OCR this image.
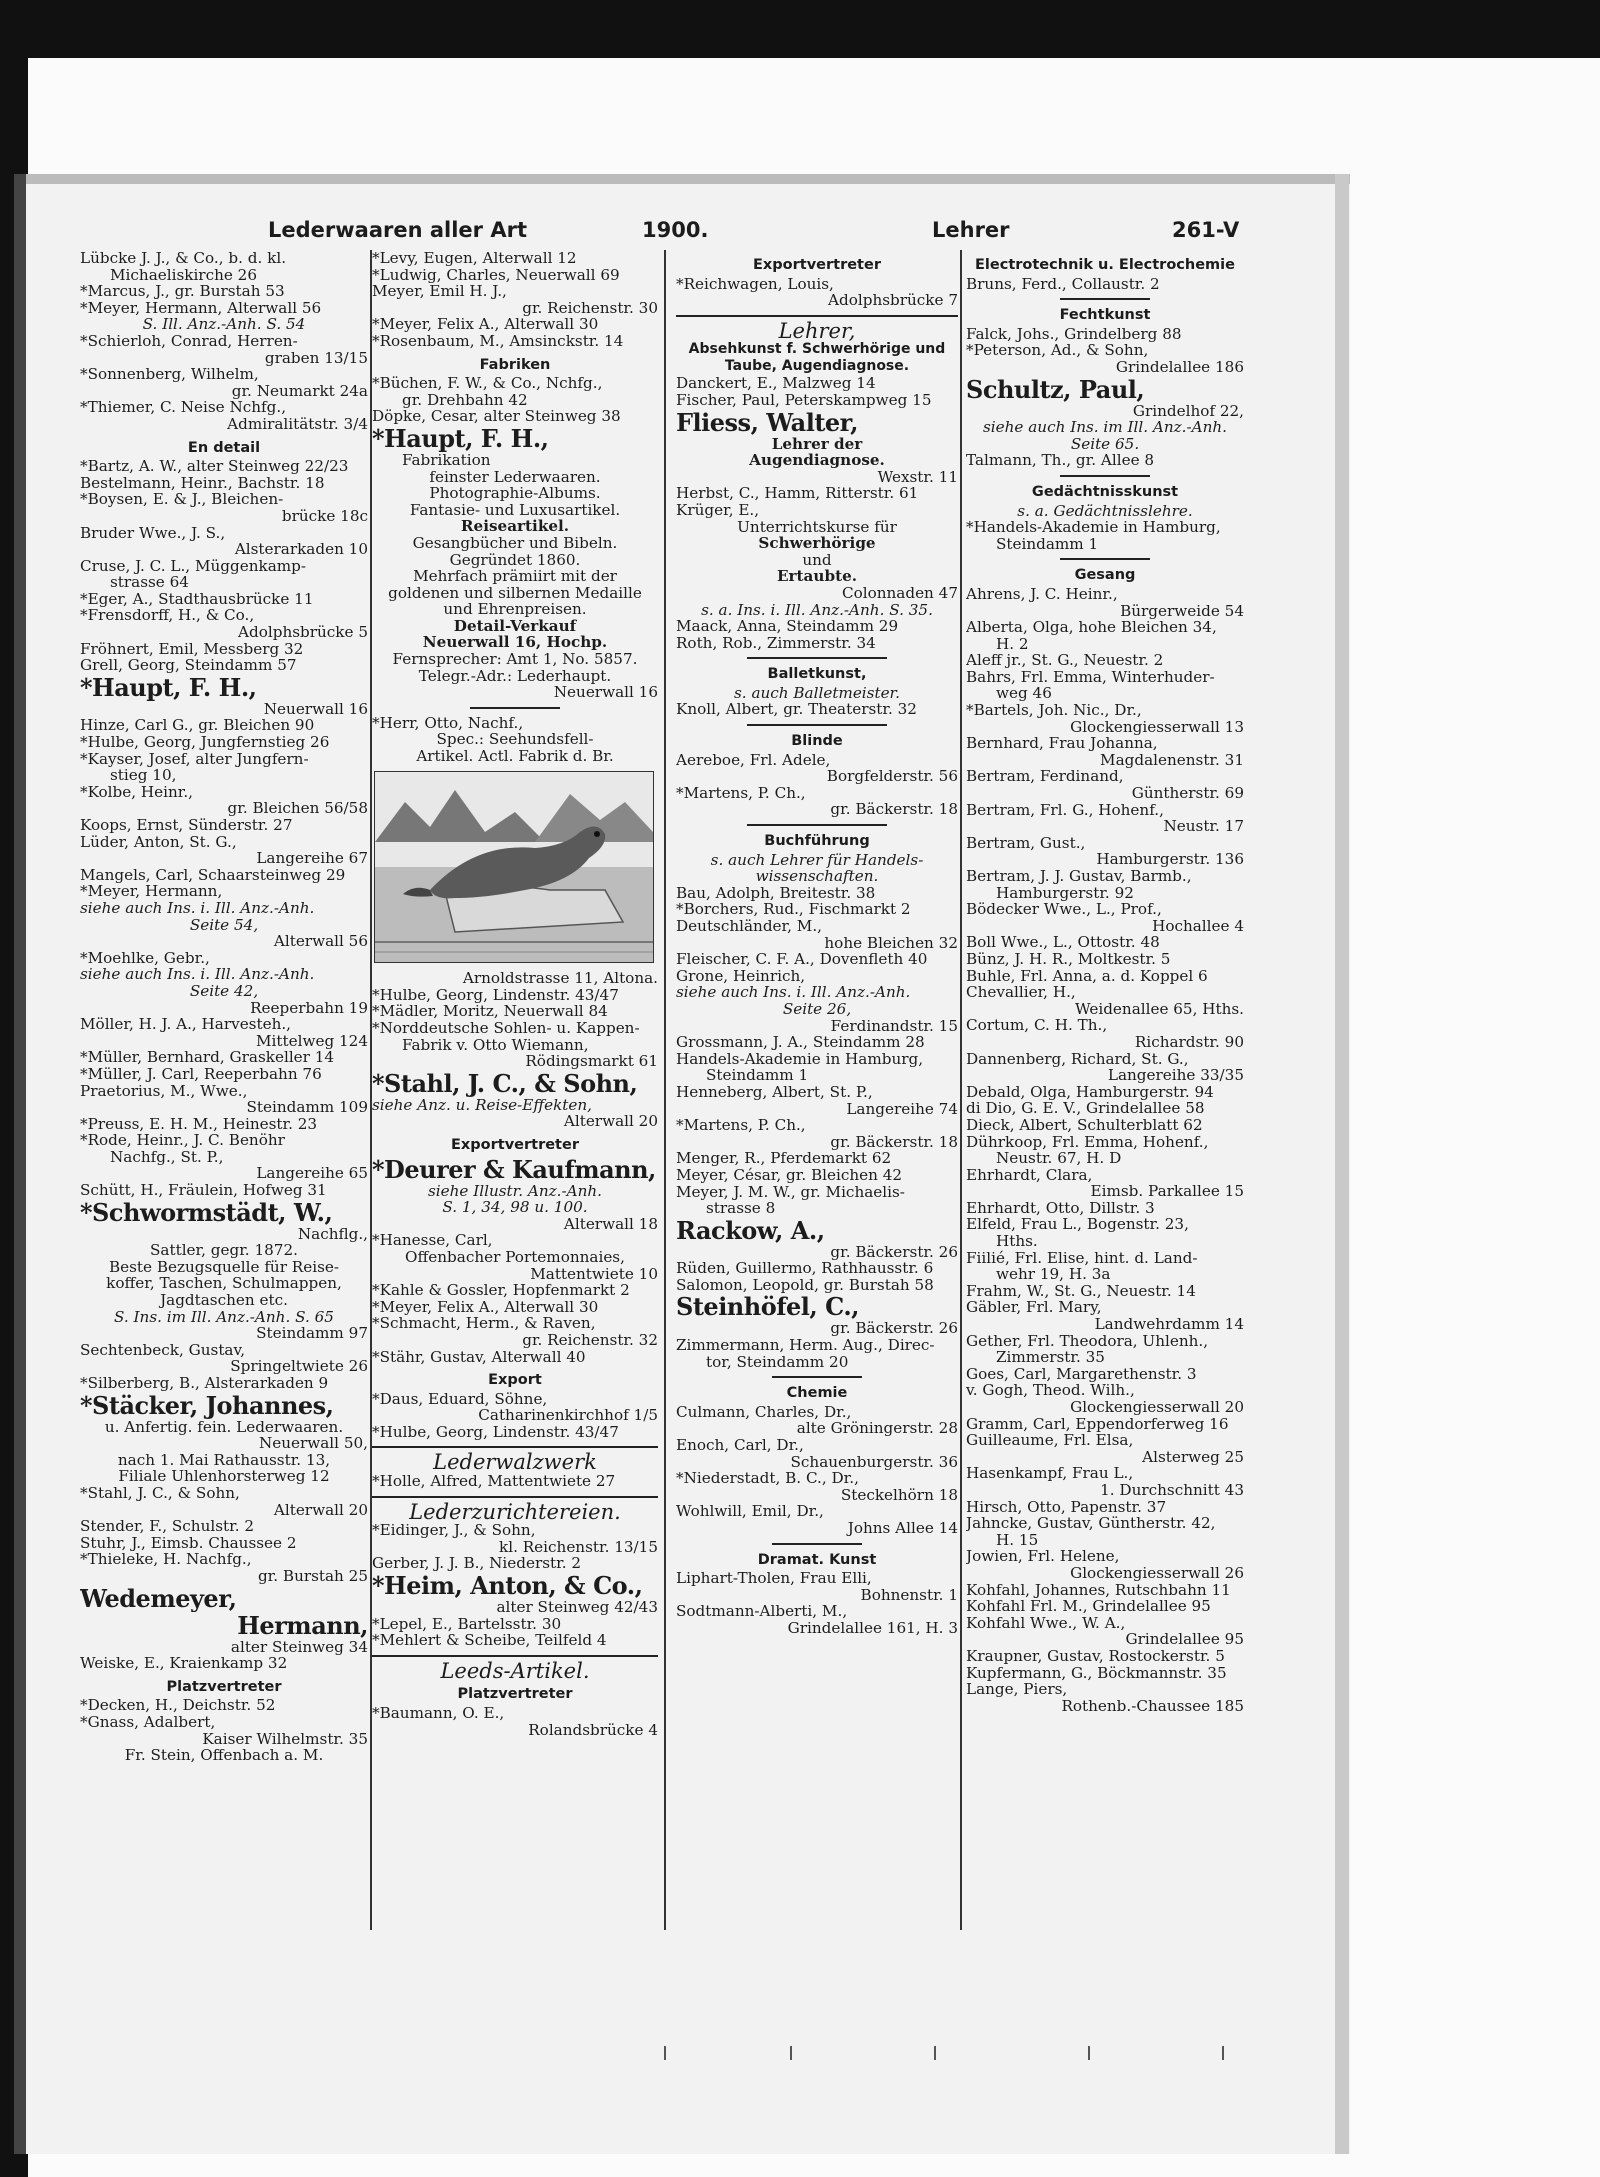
Lederwaaren aller Art	1900.	Lehrer	261-V
Lübcke J. J., & Co., b. d. kl.
Michaeliskirche 26
*Marcus, J., gr. Burstah 53
*Meyer, Hermann, Alterwall 56
S. Ill. Anz.-Anh. S. 54
*Schierloh, Conrad, Herren-
graben 13/15
*Sonnenberg, Wilhelm,
gr. Neumarkt 24a
*Thiemer, C. Neise Nchfg.,
Admiralitätstr. 3/4
En detail
*Bartz, A. W., alter Steinweg 22/23
Bestelmann, Heinr., Bachstr. 18
*Boysen, E. & J., Bleichen-
brücke 18c
Bruder Wwe., J. S.,
Alsterarkaden 10
Cruse, J. C. L., Müggenkamp-
strasse 64
*Eger, A., Stadthausbrücke 11
*Frensdorff, H., & Co.,
Adolphsbrücke 5
Fröhnert, Emil, Messberg 32
Grell, Georg, Steindamm 57
*Haupt, F. H.,
Neuerwall 16
Hinze, Carl G., gr. Bleichen 90
*Hulbe, Georg, Jungfernstieg 26
*Kayser, Josef, alter Jungfern-
stieg 10,
*Kolbe, Heinr.,
gr. Bleichen 56/58
Koops, Ernst, Sünderstr. 27
Lüder, Anton, St. G.,
Langereihe 67
Mangels, Carl, Schaarsteinweg 29
*Meyer, Hermann,
siehe auch Ins. i. Ill. Anz.-Anh.
Seite 54,
Alterwall 56
*Moehlke, Gebr.,
siehe auch Ins. i. Ill. Anz.-Anh.
Seite 42,
Reeperbahn 19
Möller, H. J. A., Harvesteh.,
Mittelweg 124
*Müller, Bernhard, Graskeller 14
*Müller, J. Carl, Reeperbahn 76
Praetorius, M., Wwe.,
Steindamm 109
*Preuss, E. H. M., Heinestr. 23
*Rode, Heinr., J. C. Benöhr
Nachfg., St. P.,
Langereihe 65
Schütt, H., Fräulein, Hofweg 31
*Schwormstädt, W.,
Nachflg.,
Sattler, gegr. 1872.
Beste Bezugsquelle für Reise-
koffer, Taschen, Schulmappen,
Jagdtaschen etc.
S. Ins. im Ill. Anz.-Anh. S. 65
Steindamm 97
Sechtenbeck, Gustav,
Springeltwiete 26
*Silberberg, B., Alsterarkaden 9
*Stäcker, Johannes,
u. Anfertig. fein. Lederwaaren.
Neuerwall 50,
nach 1. Mai Rathausstr. 13,
Filiale Uhlenhorsterweg 12
*Stahl, J. C., & Sohn,
Alterwall 20
Stender, F., Schulstr. 2
Stuhr, J., Eimsb. Chaussee 2
*Thieleke, H. Nachfg.,
gr. Burstah 25
Wedemeyer,
Hermann,
alter Steinweg 34
Weiske, E., Kraienkamp 32
Platzvertreter
*Decken, H., Deichstr. 52
*Gnass, Adalbert,
Kaiser Wilhelmstr. 35
Fr. Stein, Offenbach a. M.
*Levy, Eugen, Alterwall 12
*Ludwig, Charles, Neuerwall 69
Meyer, Emil H. J.,
gr. Reichenstr. 30
*Meyer, Felix A., Alterwall 30
*Rosenbaum, M., Amsinckstr. 14
Fabriken
*Büchen, F. W., & Co., Nchfg.,
gr. Drehbahn 42
Döpke, Cesar, alter Steinweg 38
*Haupt, F. H.,
Fabrikation
feinster Lederwaaren.
Photographie-Albums.
Fantasie- und Luxusartikel.
Reiseartikel.
Gesangbücher und Bibeln.
Gegründet 1860.
Mehrfach prämiirt mit der
goldenen und silbernen Medaille
und Ehrenpreisen.
Detail-Verkauf
Neuerwall 16, Hochp.
Fernsprecher: Amt 1, No. 5857.
Telegr.-Adr.: Lederhaupt.
Neuerwall 16
*Herr, Otto, Nachf.,
Spec.: Seehundsfell-
Artikel. Actl. Fabrik d. Br.
Arnoldstrasse 11, Altona.
*Hulbe, Georg, Lindenstr. 43/47
*Mädler, Moritz, Neuerwall 84
*Norddeutsche Sohlen- u. Kappen-
Fabrik v. Otto Wiemann,
Rödingsmarkt 61
*Stahl, J. C., & Sohn,
siehe Anz. u. Reise-Effekten,
Alterwall 20
Exportvertreter
*Deurer & Kaufmann,
siehe Illustr. Anz.-Anh.
S. 1, 34, 98 u. 100.
Alterwall 18
*Hanesse, Carl,
Offenbacher Portemonnaies,
Mattentwiete 10
*Kahle & Gossler, Hopfenmarkt 2
*Meyer, Felix A., Alterwall 30
*Schmacht, Herm., & Raven,
gr. Reichenstr. 32
*Stähr, Gustav, Alterwall 40
Export
*Daus, Eduard, Söhne,
Catharinenkirchhof 1/5
*Hulbe, Georg, Lindenstr. 43/47
Lederwalzwerk
*Holle, Alfred, Mattentwiete 27
Lederzurichtereien.
*Eidinger, J., & Sohn,
kl. Reichenstr. 13/15
Gerber, J. J. B., Niederstr. 2
*Heim, Anton, & Co.,
alter Steinweg 42/43
*Lepel, E., Bartelsstr. 30
*Mehlert & Scheibe, Teilfeld 4
Leeds-Artikel.
Platzvertreter
*Baumann, O. E.,
Rolandsbrücke 4
Exportvertreter
*Reichwagen, Louis,
Adolphsbrücke 7
Lehrer,
Absehkunst f. Schwerhörige und
Taube, Augendiagnose.
Danckert, E., Malzweg 14
Fischer, Paul, Peterskampweg 15
Fliess, Walter,
Lehrer der
Augendiagnose.
Wexstr. 11
Herbst, C., Hamm, Ritterstr. 61
Krüger, E.,
Unterrichtskurse für
Schwerhörige
und
Ertaubte.
Colonnaden 47
s. a. Ins. i. Ill. Anz.-Anh. S. 35.
Maack, Anna, Steindamm 29
Roth, Rob., Zimmerstr. 34
Balletkunst,
s. auch Balletmeister.
Knoll, Albert, gr. Theaterstr. 32
Blinde
Aereboe, Frl. Adele,
Borgfelderstr. 56
*Martens, P. Ch.,
gr. Bäckerstr. 18
Buchführung
s. auch Lehrer für Handels-
wissenschaften.
Bau, Adolph, Breitestr. 38
*Borchers, Rud., Fischmarkt 2
Deutschländer, M.,
hohe Bleichen 32
Fleischer, C. F. A., Dovenfleth 40
Grone, Heinrich,
siehe auch Ins. i. Ill. Anz.-Anh.
Seite 26,
Ferdinandstr. 15
Grossmann, J. A., Steindamm 28
Handels-Akademie in Hamburg,
Steindamm 1
Henneberg, Albert, St. P.,
Langereihe 74
*Martens, P. Ch.,
gr. Bäckerstr. 18
Menger, R., Pferdemarkt 62
Meyer, César, gr. Bleichen 42
Meyer, J. M. W., gr. Michaelis-
strasse 8
Rackow, A.,
gr. Bäckerstr. 26
Rüden, Guillermo, Rathhausstr. 6
Salomon, Leopold, gr. Burstah 58
Steinhöfel, C.,
gr. Bäckerstr. 26
Zimmermann, Herm. Aug., Direc-
tor, Steindamm 20
Chemie
Culmann, Charles, Dr.,
alte Gröningerstr. 28
Enoch, Carl, Dr.,
Schauenburgerstr. 36
*Niederstadt, B. C., Dr.,
Steckelhörn 18
Wohlwill, Emil, Dr.,
Johns Allee 14
Dramat. Kunst
Liphart-Tholen, Frau Elli,
Bohnenstr. 1
Sodtmann-Alberti, M.,
Grindelallee 161, H. 3
Electrotechnik u. Electrochemie
Bruns, Ferd., Collaustr. 2
Fechtkunst
Falck, Johs., Grindelberg 88
*Peterson, Ad., & Sohn,
Grindelallee 186
Schultz, Paul,
Grindelhof 22,
siehe auch Ins. im Ill. Anz.-Anh.
Seite 65.
Talmann, Th., gr. Allee 8
Gedächtnisskunst
s. a. Gedächtnisslehre.
*Handels-Akademie in Hamburg,
Steindamm 1
Gesang
Ahrens, J. C. Heinr.,
Bürgerweide 54
Alberta, Olga, hohe Bleichen 34,
H. 2
Aleff jr., St. G., Neuestr. 2
Bahrs, Frl. Emma, Winterhuder-
weg 46
*Bartels, Joh. Nic., Dr.,
Glockengiesserwall 13
Bernhard, Frau Johanna,
Magdalenenstr. 31
Bertram, Ferdinand,
Güntherstr. 69
Bertram, Frl. G., Hohenf.,
Neustr. 17
Bertram, Gust.,
Hamburgerstr. 136
Bertram, J. J. Gustav, Barmb.,
Hamburgerstr. 92
Bödecker Wwe., L., Prof.,
Hochallee 4
Boll Wwe., L., Ottostr. 48
Bünz, J. H. R., Moltkestr. 5
Buhle, Frl. Anna, a. d. Koppel 6
Chevallier, H.,
Weidenallee 65, Hths.
Cortum, C. H. Th.,
Richardstr. 90
Dannenberg, Richard, St. G.,
Langereihe 33/35
Debald, Olga, Hamburgerstr. 94
di Dio, G. E. V., Grindelallee 58
Dieck, Albert, Schulterblatt 62
Dührkoop, Frl. Emma, Hohenf.,
Neustr. 67, H. D
Ehrhardt, Clara,
Eimsb. Parkallee 15
Ehrhardt, Otto, Dillstr. 3
Elfeld, Frau L., Bogenstr. 23,
Hths.
Fiilié, Frl. Elise, hint. d. Land-
wehr 19, H. 3a
Frahm, W., St. G., Neuestr. 14
Gäbler, Frl. Mary,
Landwehrdamm 14
Gether, Frl. Theodora, Uhlenh.,
Zimmerstr. 35
Goes, Carl, Margarethenstr. 3
v. Gogh, Theod. Wilh.,
Glockengiesserwall 20
Gramm, Carl, Eppendorferweg 16
Guilleaume, Frl. Elsa,
Alsterweg 25
Hasenkampf, Frau L.,
1. Durchschnitt 43
Hirsch, Otto, Papenstr. 37
Jahncke, Gustav, Güntherstr. 42,
H. 15
Jowien, Frl. Helene,
Glockengiesserwall 26
Kohfahl, Johannes, Rutschbahn 11
Kohfahl Frl. M., Grindelallee 95
Kohfahl Wwe., W. A.,
Grindelallee 95
Kraupner, Gustav, Rostockerstr. 5
Kupfermann, G., Böckmannstr. 35
Lange, Piers,
Rothenb.-Chaussee 185
